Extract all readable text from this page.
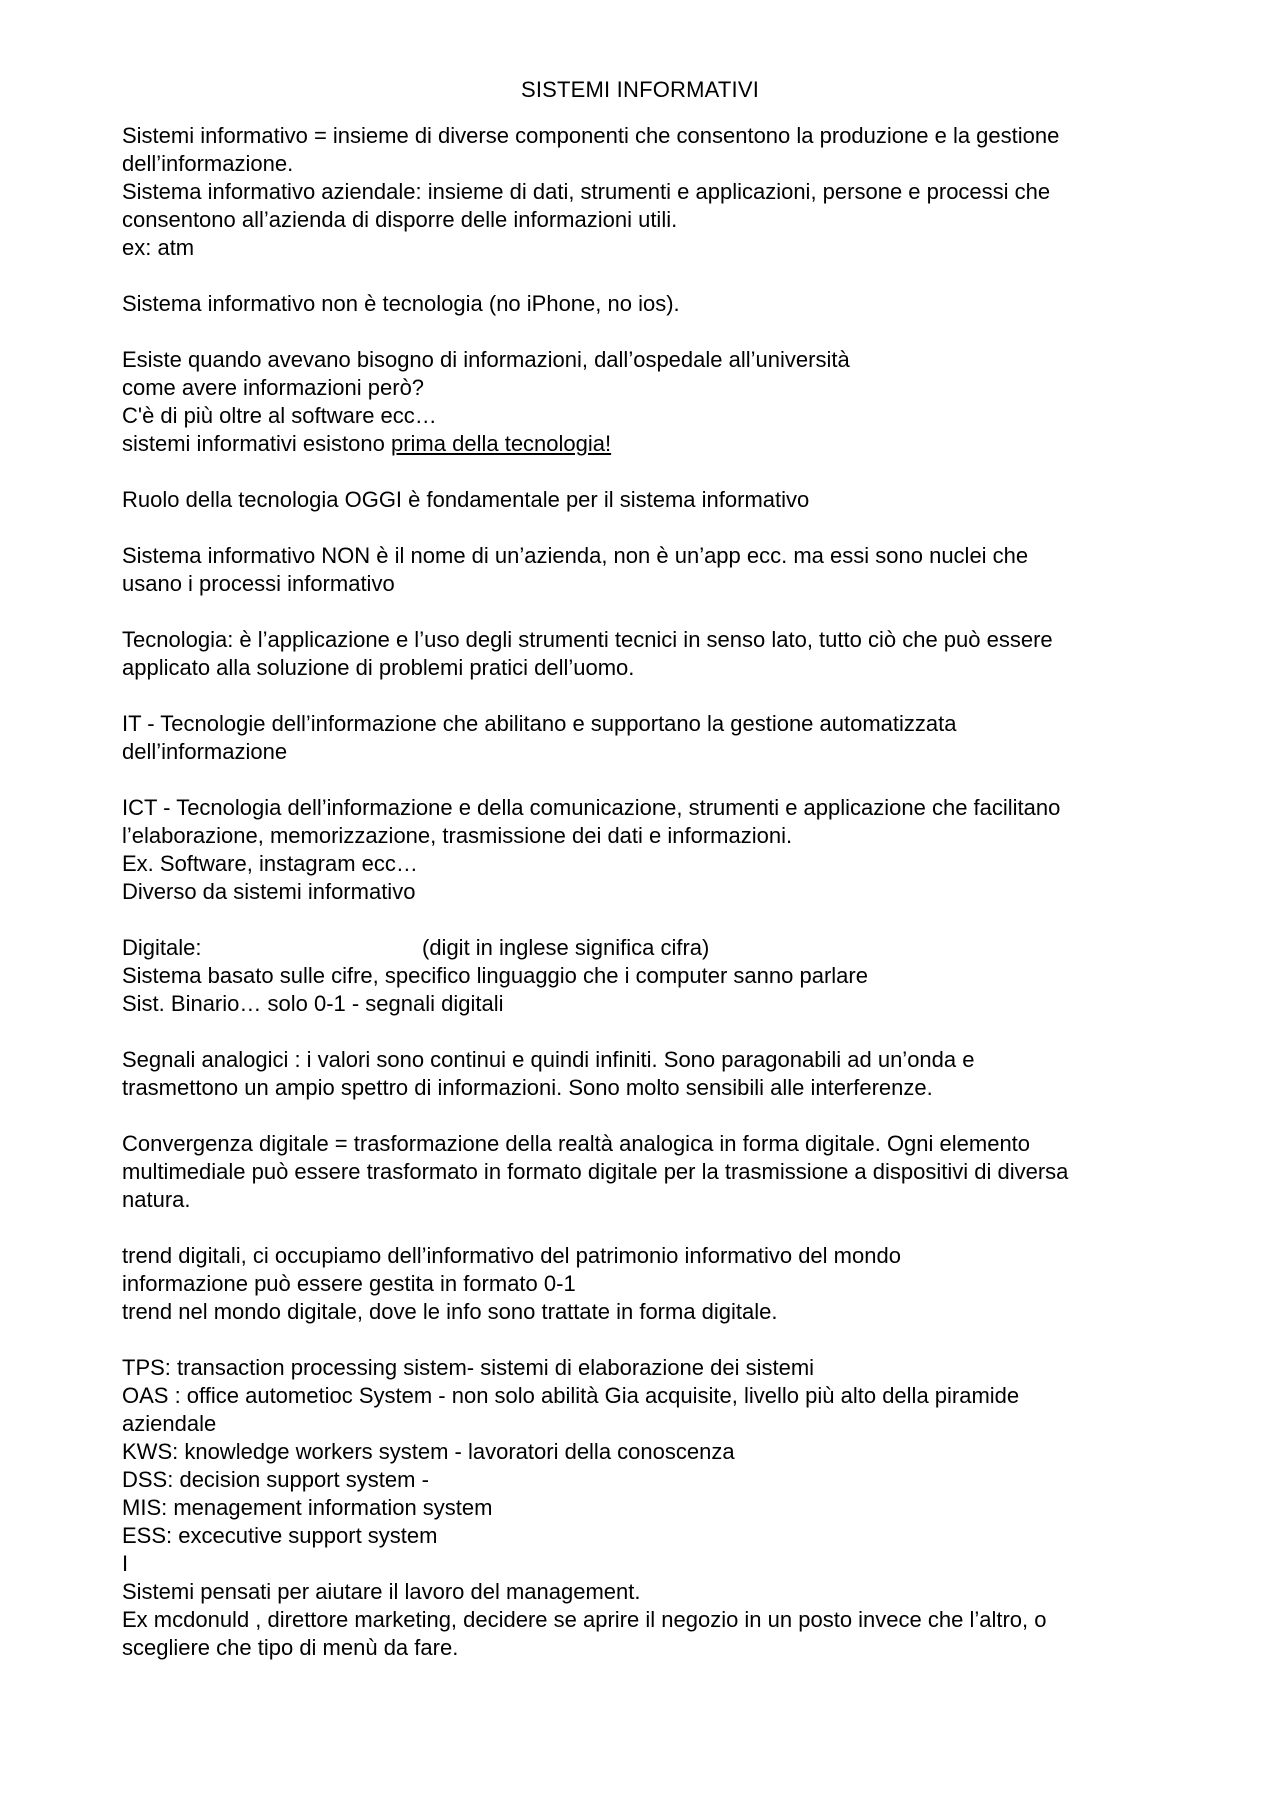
SISTEMI INFORMATIVI
Sistemi informativo = insieme di diverse componenti che consentono la produzione e la gestione
dell’informazione.
Sistema informativo aziendale: insieme di dati, strumenti e applicazioni, persone e processi che
consentono all’azienda di disporre delle informazioni utili.
ex: atm
Sistema informativo non è tecnologia (no iPhone, no ios).
Esiste quando avevano bisogno di informazioni, dall’ospedale all’università
come avere informazioni però?
C'è di più oltre al software ecc…
sistemi informativi esistono prima della tecnologia!
Ruolo della tecnologia OGGI è fondamentale per il sistema informativo
Sistema informativo NON è il nome di un’azienda, non è un’app ecc. ma essi sono nuclei che
usano i processi informativo
Tecnologia: è l’applicazione e l’uso degli strumenti tecnici in senso lato, tutto ciò che può essere
applicato alla soluzione di problemi pratici dell’uomo.
IT - Tecnologie dell’informazione che abilitano e supportano la gestione automatizzata
dell’informazione
ICT - Tecnologia dell’informazione e della comunicazione, strumenti e applicazione che facilitano
l’elaborazione, memorizzazione, trasmissione dei dati e informazioni.
Ex. Software, instagram ecc…
Diverso da sistemi informativo
Digitale:	(digit in inglese significa cifra)
Sistema basato sulle cifre, specifico linguaggio che i computer sanno parlare
Sist. Binario… solo 0-1 - segnali digitali
Segnali analogici : i valori sono continui e quindi infiniti. Sono paragonabili ad un’onda e
trasmettono un ampio spettro di informazioni. Sono molto sensibili alle interferenze.
Convergenza digitale = trasformazione della realtà analogica in forma digitale. Ogni elemento
multimediale può essere trasformato in formato digitale per la trasmissione a dispositivi di diversa
natura.
trend digitali, ci occupiamo dell’informativo del patrimonio informativo del mondo
informazione può essere gestita in formato 0-1
trend nel mondo digitale, dove le info sono trattate in forma digitale.
TPS: transaction processing sistem- sistemi di elaborazione dei sistemi
OAS : office autometioc System - non solo abilità Gia acquisite, livello più alto della piramide
aziendale
KWS: knowledge workers system - lavoratori della conoscenza
DSS: decision support system -
MIS: menagement information system
ESS: excecutive support system
I
Sistemi pensati per aiutare il lavoro del management.
Ex mcdonuld , direttore marketing, decidere se aprire il negozio in un posto invece che l’altro, o
scegliere che tipo di menù da fare.
